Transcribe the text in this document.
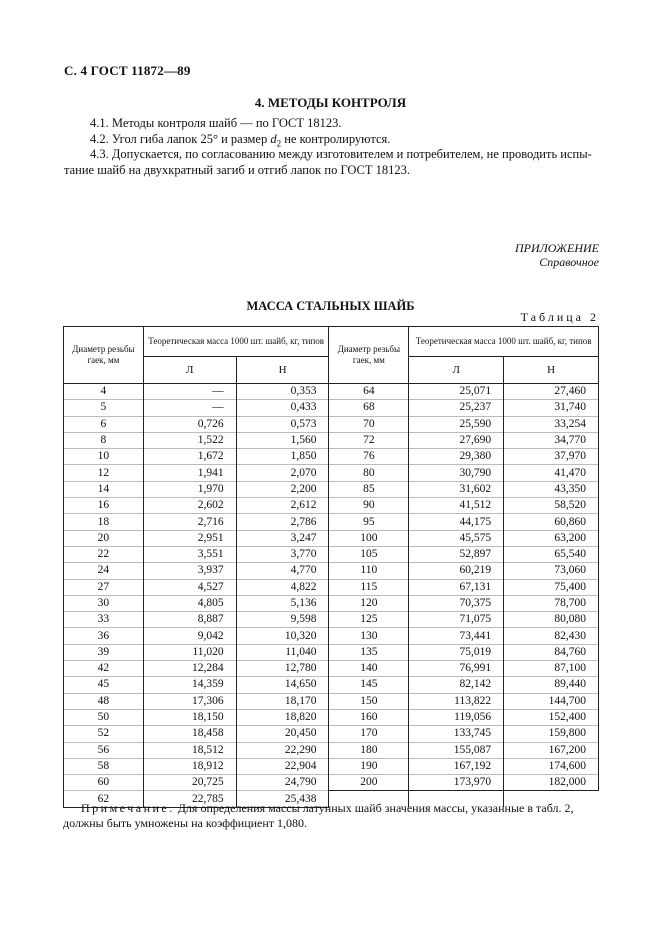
С. 4 ГОСТ 11872—89
4. МЕТОДЫ КОНТРОЛЯ
4.1. Методы контроля шайб — по ГОСТ 18123.
4.2. Угол гиба лапок 25° и размер $d_2$ не контролируются.
4.3. Допускается, по согласованию между изготовителем и потребителем, не проводить испы-
тание шайб на двухкратный загиб и отгиб лапок по ГОСТ 18123.
ПРИЛОЖЕНИЕ
Справочное
МАССА СТАЛЬНЫХ ШАЙБ
Таблица 2
Диаметр резьбы гаек, мм	Теоретическая масса 1000 шт. шайб, кг, типов		Диаметр резьбы гаек, мм	Теоретическая масса 1000 шт. шайб, кг, типов	
	Л	Н		Л	Н
4	—	0,353	64	25,071	27,460
5	—	0,433	68	25,237	31,740
6	0,726	0,573	70	25,590	33,254
8	1,522	1,560	72	27,690	34,770
10	1,672	1,850	76	29,380	37,970
12	1,941	2,070	80	30,790	41,470
14	1,970	2,200	85	31,602	43,350
16	2,602	2,612	90	41,512	58,520
18	2,716	2,786	95	44,175	60,860
20	2,951	3,247	100	45,575	63,200
22	3,551	3,770	105	52,897	65,540
24	3,937	4,770	110	60,219	73,060
27	4,527	4,822	115	67,131	75,400
30	4,805	5,136	120	70,375	78,700
33	8,887	9,598	125	71,075	80,080
36	9,042	10,320	130	73,441	82,430
39	11,020	11,040	135	75,019	84,760
42	12,284	12,780	140	76,991	87,100
45	14,359	14,650	145	82,142	89,440
48	17,306	18,170	150	113,822	144,700
50	18,150	18,820	160	119,056	152,400
52	18,458	20,450	170	133,745	159,800
56	18,512	22,290	180	155,087	167,200
58	18,912	22,904	190	167,192	174,600
60	20,725	24,790	200	173,970	182,000
62	22,785	25,438			
Примечание. Для определения массы латунных шайб значения массы, указанные в табл. 2, должны быть умножены на коэффициент 1,080.
